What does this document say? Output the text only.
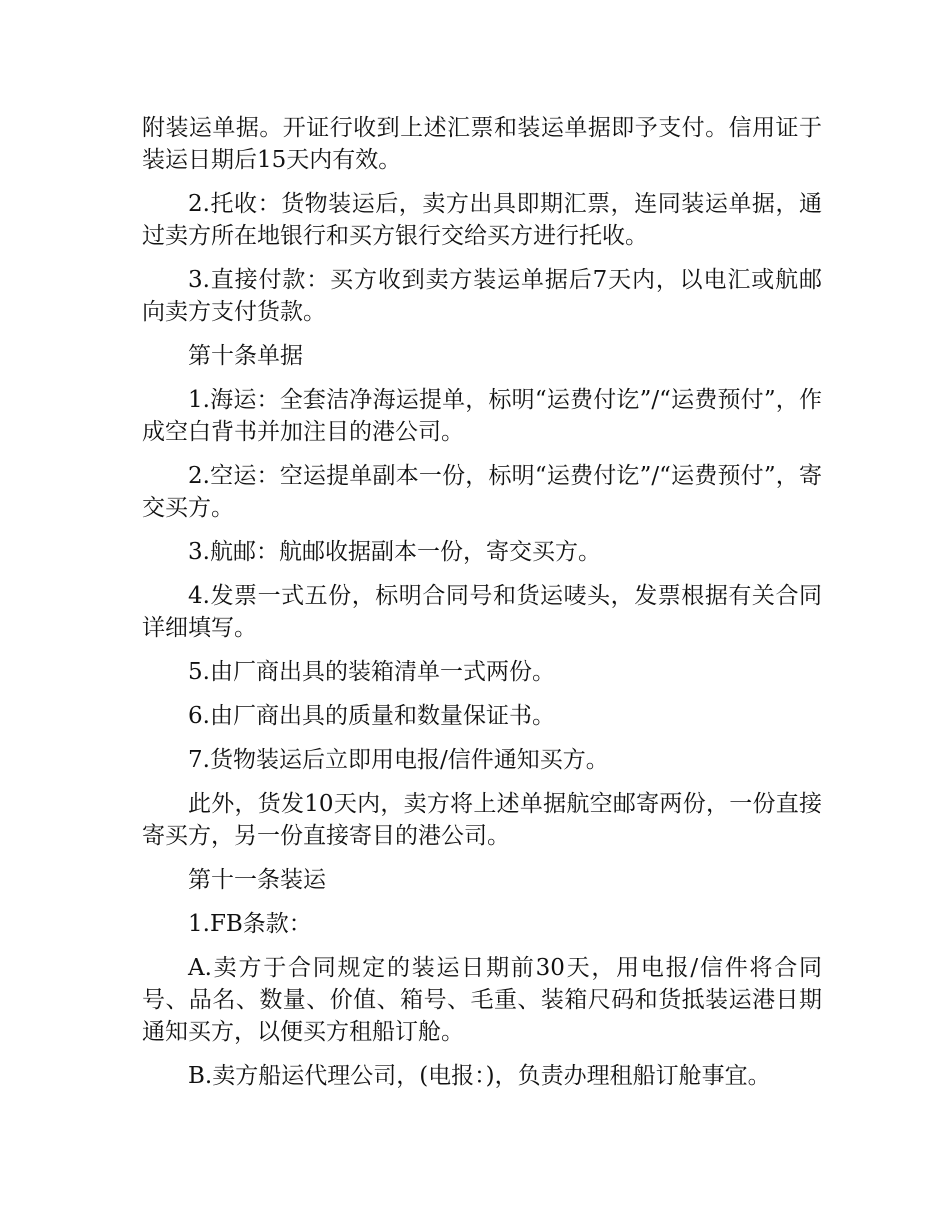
附装运单据。开证行收到上述汇票和装运单据即予支付。信用证于装运日期后15天内有效。

2.托收：货物装运后，卖方出具即期汇票，连同装运单据，通过卖方所在地银行和买方银行交给买方进行托收。

3.直接付款：买方收到卖方装运单据后7天内，以电汇或航邮向卖方支付货款。

第十条单据

1.海运：全套洁净海运提单，标明“运费付讫”/“运费预付”，作成空白背书并加注目的港公司。

2.空运：空运提单副本一份，标明“运费付讫”/“运费预付”，寄交买方。

3.航邮：航邮收据副本一份，寄交买方。

4.发票一式五份，标明合同号和货运唛头，发票根据有关合同详细填写。

5.由厂商出具的装箱清单一式两份。

6.由厂商出具的质量和数量保证书。

7.货物装运后立即用电报/信件通知买方。

此外，货发10天内，卖方将上述单据航空邮寄两份，一份直接寄买方，另一份直接寄目的港公司。

第十一条装运

1.FB条款：

A.卖方于合同规定的装运日期前30天，用电报/信件将合同号、品名、数量、价值、箱号、毛重、装箱尺码和货抵装运港日期通知买方，以便买方租船订舱。

B.卖方船运代理公司，(电报：)，负责办理租船订舱事宜。
